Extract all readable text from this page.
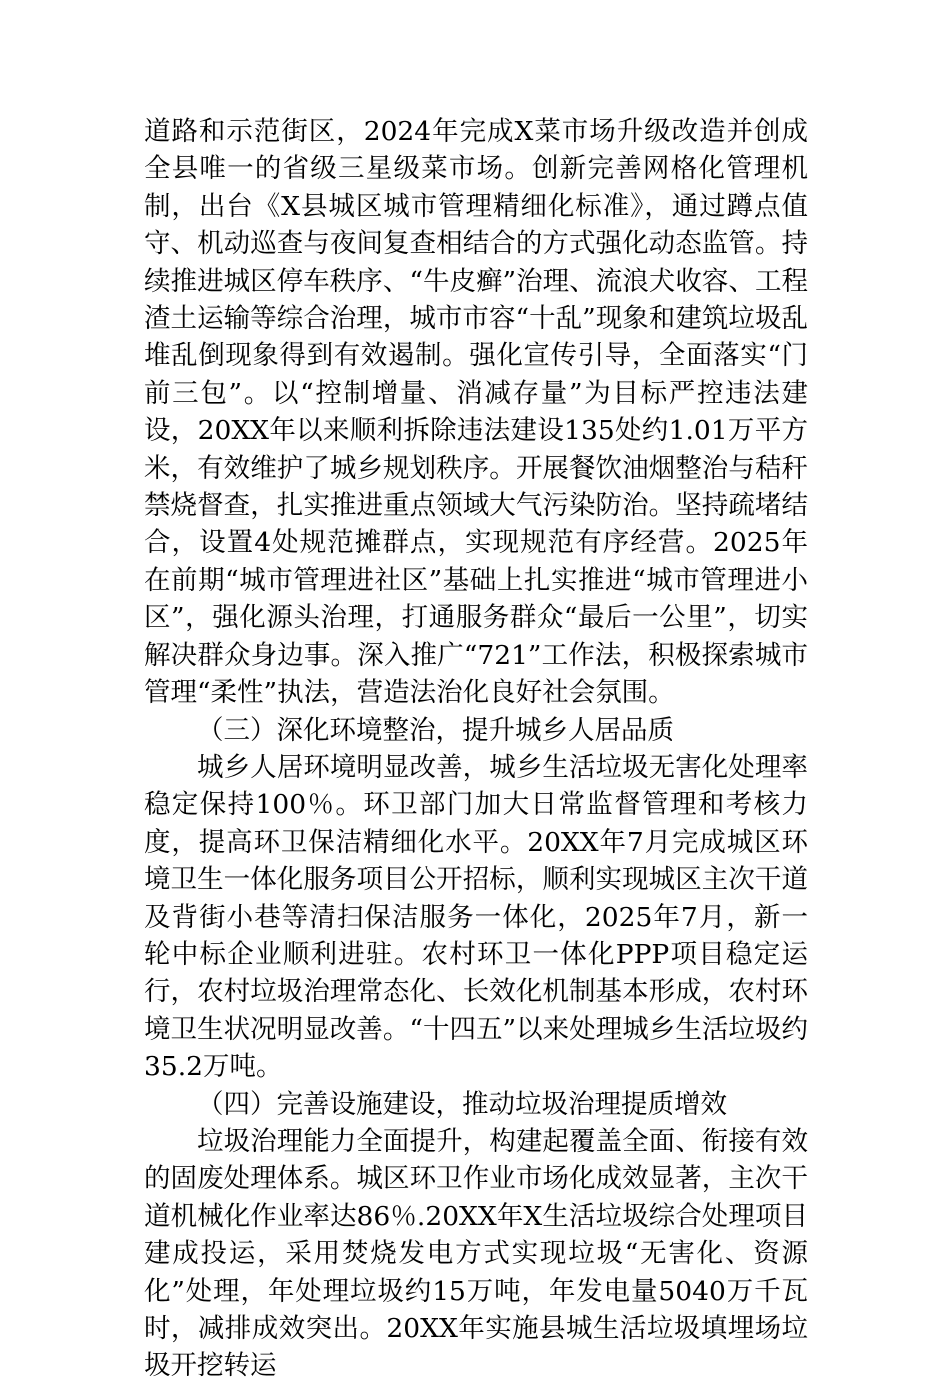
道路和示范街区，2024年完成X菜市场升级改造并创成全县唯一的省级三星级菜市场。创新完善网格化管理机制，出台《X县城区城市管理精细化标准》，通过蹲点值守、机动巡查与夜间复查相结合的方式强化动态监管。持续推进城区停车秩序、“牛皮癣”治理、流浪犬收容、工程渣土运输等综合治理，城市市容“十乱”现象和建筑垃圾乱堆乱倒现象得到有效遏制。强化宣传引导，全面落实“门前三包”。以“控制增量、消减存量”为目标严控违法建设，20XX年以来顺利拆除违法建设135处约1.01万平方米，有效维护了城乡规划秩序。开展餐饮油烟整治与秸秆禁烧督查，扎实推进重点领域大气污染防治。坚持疏堵结合，设置4处规范摊群点，实现规范有序经营。2025年在前期“城市管理进社区”基础上扎实推进“城市管理进小区”，强化源头治理，打通服务群众“最后一公里”，切实解决群众身边事。深入推广“721”工作法，积极探索城市管理“柔性”执法，营造法治化良好社会氛围。

（三）深化环境整治，提升城乡人居品质

城乡人居环境明显改善，城乡生活垃圾无害化处理率稳定保持100％。环卫部门加大日常监督管理和考核力度，提高环卫保洁精细化水平。20XX年7月完成城区环境卫生一体化服务项目公开招标，顺利实现城区主次干道及背街小巷等清扫保洁服务一体化，2025年7月，新一轮中标企业顺利进驻。农村环卫一体化PPP项目稳定运行，农村垃圾治理常态化、长效化机制基本形成，农村环境卫生状况明显改善。“十四五”以来处理城乡生活垃圾约35.2万吨。

（四）完善设施建设，推动垃圾治理提质增效

垃圾治理能力全面提升，构建起覆盖全面、衔接有效的固废处理体系。城区环卫作业市场化成效显著，主次干道机械化作业率达86％.20XX年X生活垃圾综合处理项目建成投运，采用焚烧发电方式实现垃圾“无害化、资源化”处理，年处理垃圾约15万吨，年发电量5040万千瓦时，减排成效突出。20XX年实施县城生活垃圾填埋场垃圾开挖转运
